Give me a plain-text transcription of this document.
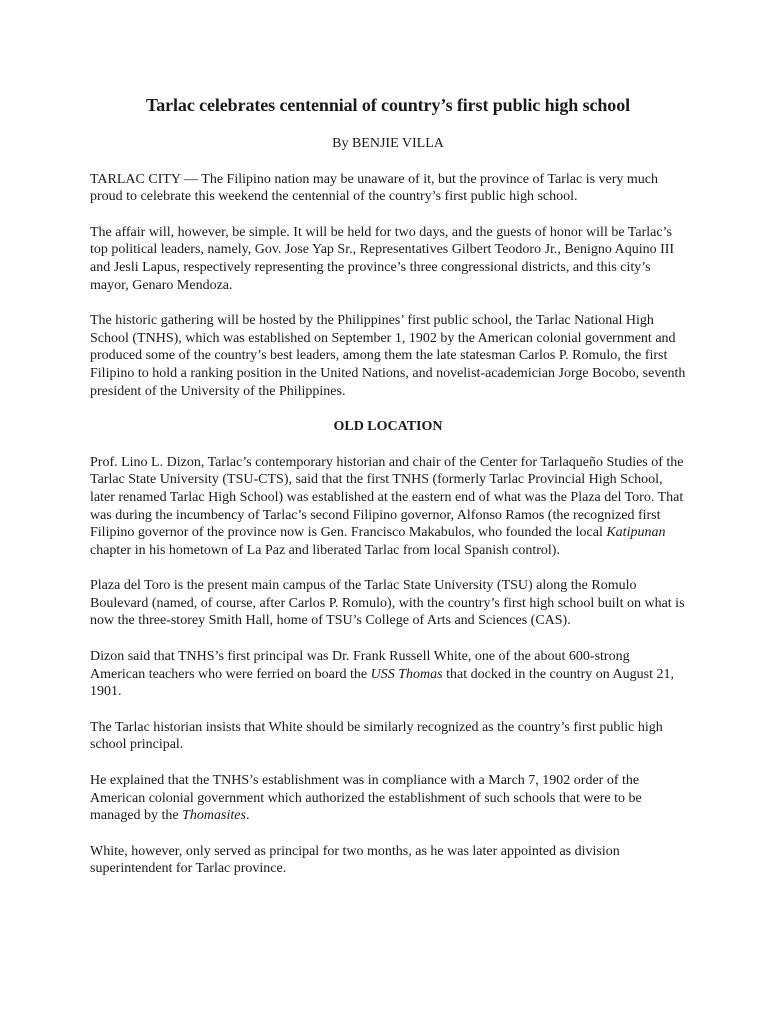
Tarlac celebrates centennial of country’s first public high school
By BENJIE VILLA

TARLAC CITY — The Filipino nation may be unaware of it, but the province of Tarlac is very much proud to celebrate this weekend the centennial of the country’s first public high school.

The affair will, however, be simple. It will be held for two days, and the guests of honor will be Tarlac’s top political leaders, namely, Gov. Jose Yap Sr., Representatives Gilbert Teodoro Jr., Benigno Aquino III and Jesli Lapus, respectively representing the province’s three congressional districts, and this city’s mayor, Genaro Mendoza.

The historic gathering will be hosted by the Philippines’ first public school, the Tarlac National High School (TNHS), which was established on September 1, 1902 by the American colonial government and produced some of the country’s best leaders, among them the late statesman Carlos P. Romulo, the first Filipino to hold a ranking position in the United Nations, and novelist-academician Jorge Bocobo, seventh president of the University of the Philippines.

OLD LOCATION

Prof. Lino L. Dizon, Tarlac’s contemporary historian and chair of the Center for Tarlaqueño Studies of the Tarlac State University (TSU-CTS), said that the first TNHS (formerly Tarlac Provincial High School, later renamed Tarlac High School) was established at the eastern end of what was the Plaza del Toro. That was during the incumbency of Tarlac’s second Filipino governor, Alfonso Ramos (the recognized first Filipino governor of the province now is Gen. Francisco Makabulos, who founded the local Katipunan chapter in his hometown of La Paz and liberated Tarlac from local Spanish control).

Plaza del Toro is the present main campus of the Tarlac State University (TSU) along the Romulo Boulevard (named, of course, after Carlos P. Romulo), with the country’s first high school built on what is now the three-storey Smith Hall, home of TSU’s College of Arts and Sciences (CAS).

Dizon said that TNHS’s first principal was Dr. Frank Russell White, one of the about 600-strong American teachers who were ferried on board the USS Thomas that docked in the country on August 21, 1901.

The Tarlac historian insists that White should be similarly recognized as the country’s first public high school principal.

He explained that the TNHS’s establishment was in compliance with a March 7, 1902 order of the American colonial government which authorized the establishment of such schools that were to be managed by the Thomasites.

White, however, only served as principal for two months, as he was later appointed as division superintendent for Tarlac province.
